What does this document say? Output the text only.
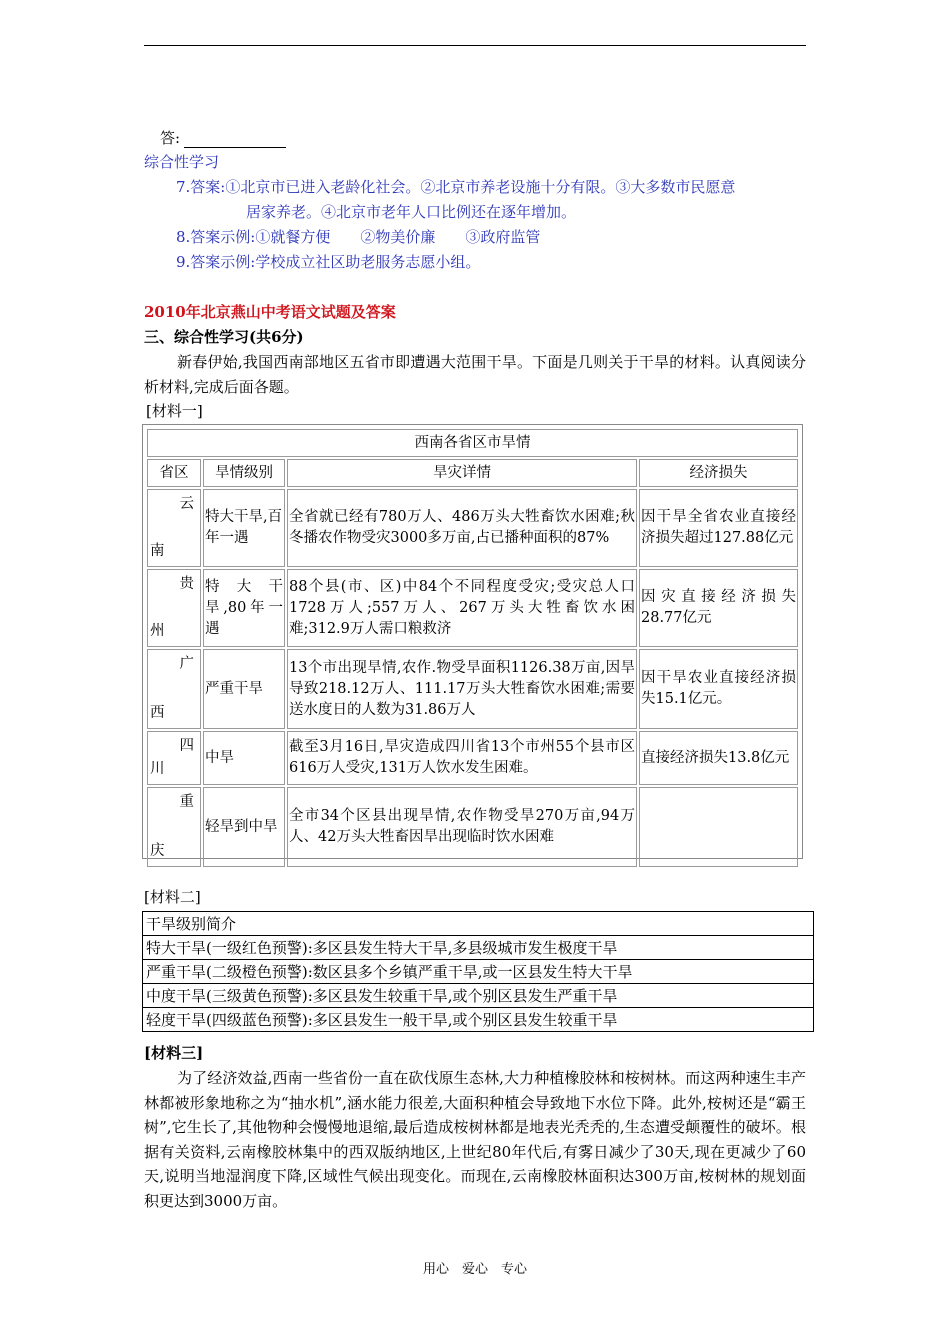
答:
综合性学习
7.答案:①北京市已进入老龄化社会。②北京市养老设施十分有限。③大多数市民愿意
居家养老。④北京市老年人口比例还在逐年增加。
8.答案示例:①就餐方便　　②物美价廉　　③政府监管
9.答案示例:学校成立社区助老服务志愿小组。
2010年北京燕山中考语文试题及答案
三、综合性学习(共6分)
新春伊始,我国西南部地区五省市即遭遇大范围干旱。下面是几则关于干旱的材料。认真阅读分析材料,完成后面各题。
[材料一]
西南各省区市旱情			
省区	旱情级别	旱灾详情	经济损失

云
南	特大干旱,百年一遇	全省就已经有780万人、486万头大牲畜饮水困难;秋冬播农作物受灾3000多万亩,占已播种面积的87%	因干旱全省农业直接经济损失超过127.88亿元

贵
州	特　大　干旱,80年一遇	88个县(市、区)中84个不同程度受灾;受灾总人口1728万人;557万人、267万头大牲畜饮水困难;312.9万人需口粮救济	因灾直接经济损失28.77亿元

广
西	严重干旱	13个市出现旱情,农作.物受旱面积1126.38万亩,因旱导致218.12万人、111.17万头大牲畜饮水困难;需要送水度日的人数为31.86万人	因干旱农业直接经济损失15.1亿元。

四
川	中旱	截至3月16日,旱灾造成四川省13个市州55个县市区616万人受灾,131万人饮水发生困难。	直接经济损失13.8亿元

重
庆	轻旱到中旱	全市34个区县出现旱情,农作物受旱270万亩,94万人、42万头大牲畜因旱出现临时饮水困难	
[材料二]
干旱级别简介
特大干旱(一级红色预警):多区县发生特大干旱,多县级城市发生极度干旱
严重干旱(二级橙色预警):数区县多个乡镇严重干旱,或一区县发生特大干旱
中度干旱(三级黄色预警):多区县发生较重干旱,或个别区县发生严重干旱
轻度干旱(四级蓝色预警):多区县发生一般干旱,或个别区县发生较重干旱
[材料三]
为了经济效益,西南一些省份一直在砍伐原生态林,大力种植橡胶林和桉树林。而这两种速生丰产林都被形象地称之为“抽水机”,涵水能力很差,大面积种植会导致地下水位下降。此外,桉树还是“霸王树”,它生长了,其他物种会慢慢地退缩,最后造成桉树林都是地表光秃秃的,生态遭受颠覆性的破坏。根据有关资料,云南橡胶林集中的西双版纳地区,上世纪80年代后,有雾日减少了30天,现在更减少了60天,说明当地湿润度下降,区域性气候出现变化。而现在,云南橡胶林面积达300万亩,桉树林的规划面积更达到3000万亩。
用心　爱心　专心
